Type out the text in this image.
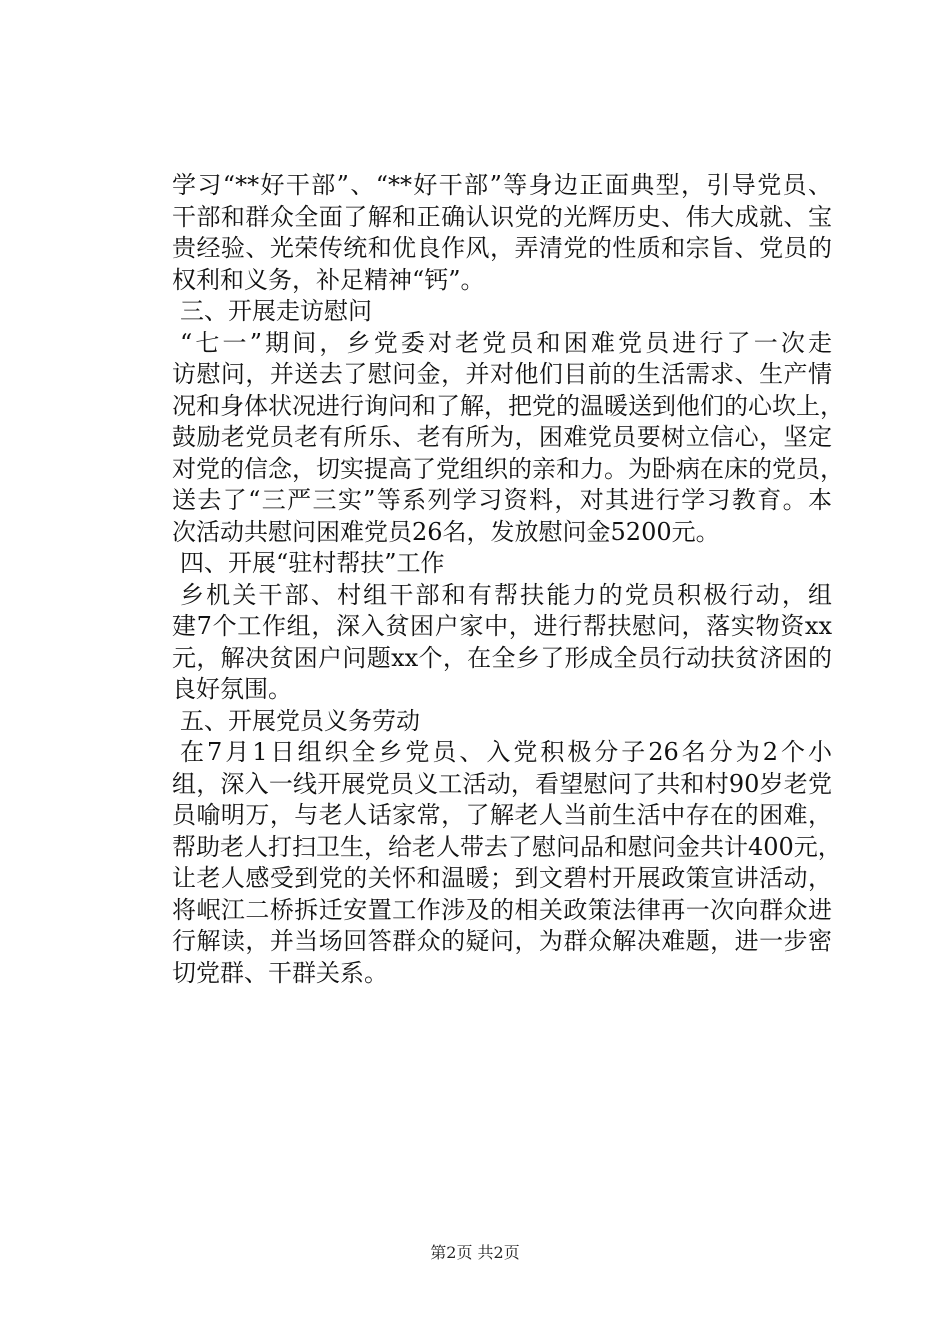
学习“**好干部”、“**好干部”等身边正面典型，引导党员、
干部和群众全面了解和正确认识党的光辉历史、伟大成就、宝
贵经验、光荣传统和优良作风，弄清党的性质和宗旨、党员的
权利和义务，补足精神“钙”。
三、开展走访慰问
“七一”期间，乡党委对老党员和困难党员进行了一次走
访慰问，并送去了慰问金，并对他们目前的生活需求、生产情
况和身体状况进行询问和了解，把党的温暖送到他们的心坎上，
鼓励老党员老有所乐、老有所为，困难党员要树立信心，坚定
对党的信念，切实提高了党组织的亲和力。为卧病在床的党员，
送去了“三严三实”等系列学习资料，对其进行学习教育。本
次活动共慰问困难党员26名，发放慰问金5200元。
四、开展“驻村帮扶”工作
乡机关干部、村组干部和有帮扶能力的党员积极行动，组
建7个工作组，深入贫困户家中，进行帮扶慰问，落实物资xx
元，解决贫困户问题xx个，在全乡了形成全员行动扶贫济困的
良好氛围。
五、开展党员义务劳动
在7月1日组织全乡党员、入党积极分子26名分为2个小
组，深入一线开展党员义工活动，看望慰问了共和村90岁老党
员喻明万，与老人话家常，了解老人当前生活中存在的困难，
帮助老人打扫卫生，给老人带去了慰问品和慰问金共计400元，
让老人感受到党的关怀和温暖；到文碧村开展政策宣讲活动，
将岷江二桥拆迁安置工作涉及的相关政策法律再一次向群众进
行解读，并当场回答群众的疑问，为群众解决难题，进一步密
切党群、干群关系。
第2页 共2页
